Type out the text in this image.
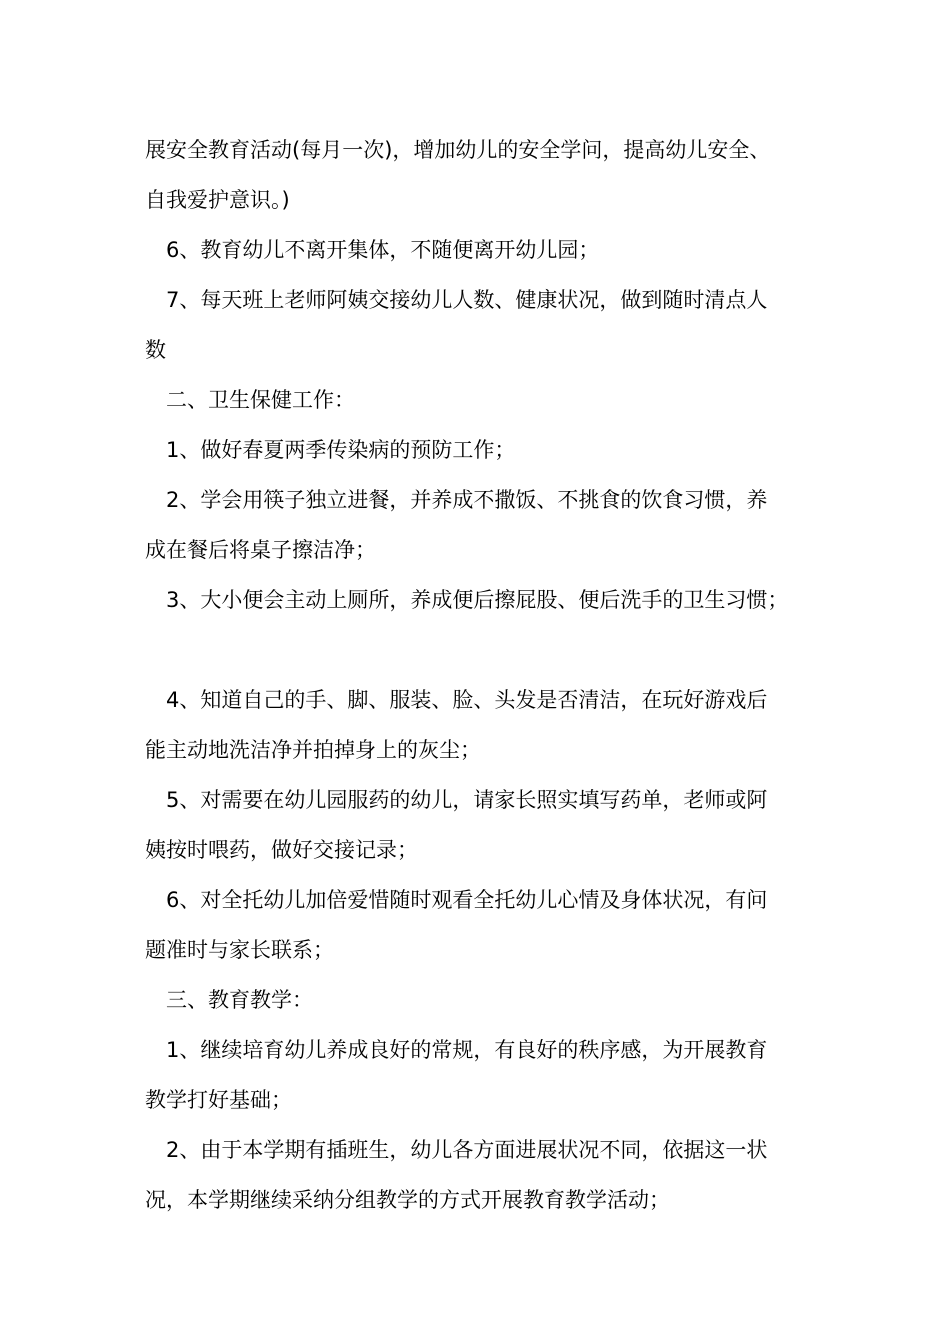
展安全教育活动(每月一次)，增加幼儿的安全学问，提高幼儿安全、

自我爱护意识。)

6、教育幼儿不离开集体，不随便离开幼儿园；

7、每天班上老师阿姨交接幼儿人数、健康状况，做到随时清点人

数

二、卫生保健工作：

1、做好春夏两季传染病的预防工作；

2、学会用筷子独立进餐，并养成不撒饭、不挑食的饮食习惯，养

成在餐后将桌子擦洁净；

3、大小便会主动上厕所，养成便后擦屁股、便后洗手的卫生习惯；

4、知道自己的手、脚、服装、脸、头发是否清洁，在玩好游戏后

能主动地洗洁净并拍掉身上的灰尘；

5、对需要在幼儿园服药的幼儿，请家长照实填写药单，老师或阿

姨按时喂药，做好交接记录；

6、对全托幼儿加倍爱惜随时观看全托幼儿心情及身体状况，有问

题准时与家长联系；

三、教育教学：

1、继续培育幼儿养成良好的常规，有良好的秩序感，为开展教育

教学打好基础；

2、由于本学期有插班生，幼儿各方面进展状况不同，依据这一状

况，本学期继续采纳分组教学的方式开展教育教学活动；
